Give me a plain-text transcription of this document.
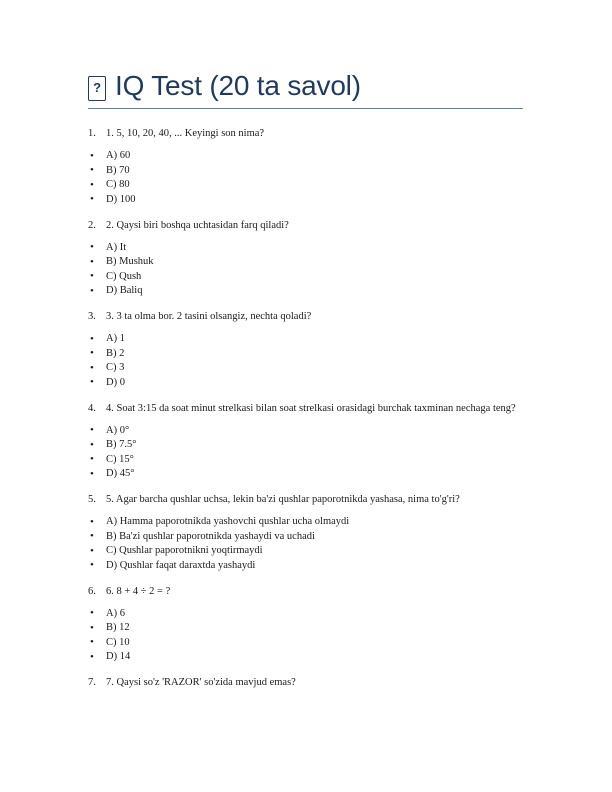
? IQ Test (20 ta savol)

1. 1. 5, 10, 20, 40, ... Keyingi son nima?

• A) 60
• B) 70
• C) 80
• D) 100

2. 2. Qaysi biri boshqa uchtasidan farq qiladi?

• A) It
• B) Mushuk
• C) Qush
• D) Baliq

3. 3. 3 ta olma bor. 2 tasini olsangiz, nechta qoladi?

• A) 1
• B) 2
• C) 3
• D) 0

4. 4. Soat 3:15 da soat minut strelkasi bilan soat strelkasi orasidagi burchak taxminan nechaga teng?

• A) 0°
• B) 7.5°
• C) 15°
• D) 45°

5. 5. Agar barcha qushlar uchsa, lekin ba'zi qushlar paporotnikda yashasa, nima to'g'ri?

• A) Hamma paporotnikda yashovchi qushlar ucha olmaydi
• B) Ba'zi qushlar paporotnikda yashaydi va uchadi
• C) Qushlar paporotnikni yoqtirmaydi
• D) Qushlar faqat daraxtda yashaydi

6. 6. 8 + 4 ÷ 2 = ?

• A) 6
• B) 12
• C) 10
• D) 14

7. 7. Qaysi so'z 'RAZOR' so'zida mavjud emas?
